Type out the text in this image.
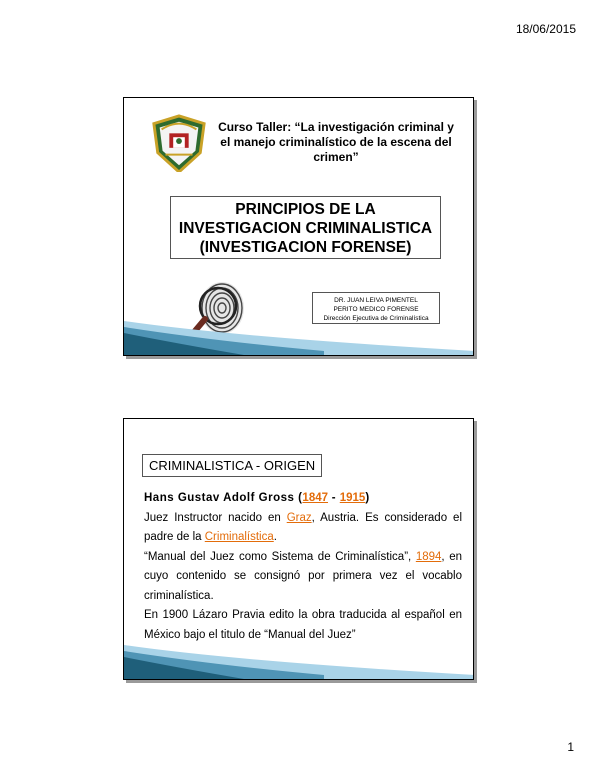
18/06/2015
Curso Taller: “La investigación criminal y
el manejo criminalístico de la escena del
crimen”
PRINCIPIOS DE LA
INVESTIGACION CRIMINALISTICA
(INVESTIGACION FORENSE)
DR. JUAN LEIVA PIMENTEL
PERITO MEDICO FORENSE
Dirección Ejecutiva de Criminalística
CRIMINALISTICA - ORIGEN

Hans Gustav Adolf Gross (1847 - 1915)

Juez Instructor nacido en Graz, Austria. Es considerado el padre de la Criminalística.

“Manual del Juez como Sistema de Criminalística”, 1894, en cuyo contenido se consignó por primera vez el vocablo criminalística.

En 1900 Lázaro Pravia edito la obra traducida al español en México bajo el titulo de “Manual del Juez”

1
